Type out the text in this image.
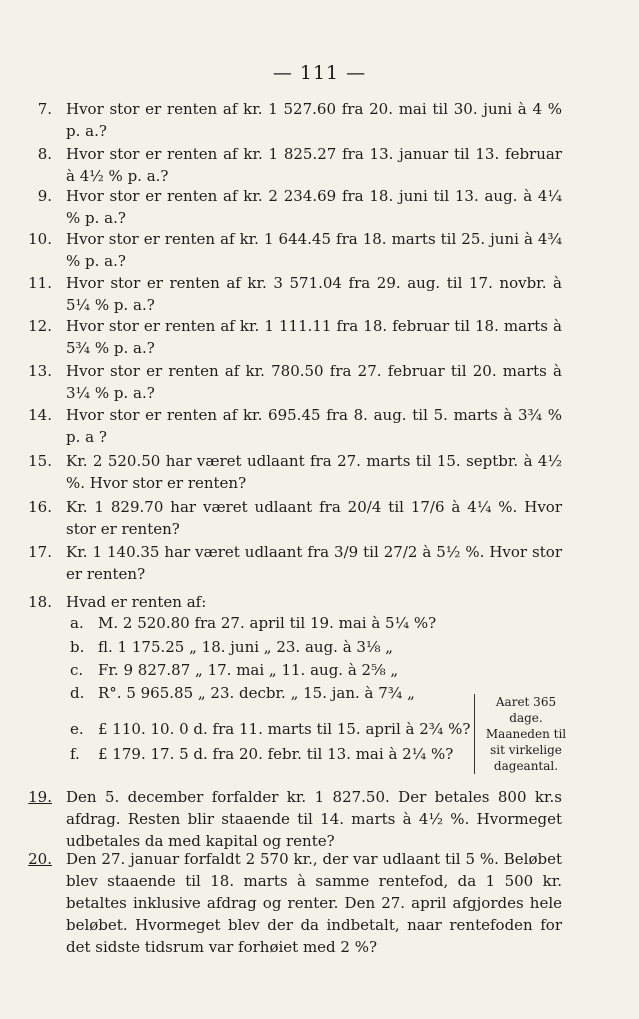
— 111 —
7. Hvor stor er renten af kr. 1 527.60 fra 20. mai til 30. juni à 4 % p. a.?
8. Hvor stor er renten af kr. 1 825.27 fra 13. januar til 13. februar à 4½ % p. a.?
9. Hvor stor er renten af kr. 2 234.69 fra 18. juni til 13. aug. à 4¼ % p. a.?
10. Hvor stor er renten af kr. 1 644.45 fra 18. marts til 25. juni à 4¾ % p. a.?
11. Hvor stor er renten af kr. 3 571.04 fra 29. aug. til 17. novbr. à 5¼ % p. a.?
12. Hvor stor er renten af kr. 1 111.11 fra 18. februar til 18. marts à 5¾ % p. a.?
13. Hvor stor er renten af kr. 780.50 fra 27. februar til 20. marts à 3¼ % p. a.?
14. Hvor stor er renten af kr. 695.45 fra 8. aug. til 5. marts à 3¾ % p. a ?
15. Kr. 2 520.50 har været udlaant fra 27. marts til 15. septbr. à 4½ %. Hvor stor er renten?
16. Kr. 1 829.70 har været udlaant fra 20/4 til 17/6 à 4¼ %. Hvor stor er renten?
17. Kr. 1 140.35 har været udlaant fra 3/9 til 27/2 à 5½ %. Hvor stor er renten?
18. Hvad er renten af:
a. M. 2 520.80 fra 27. april til 19. mai à 5¼ %?
b. fl. 1 175.25 „ 18. juni „ 23. aug. à 3⅛ „
c. Fr. 9 827.87 „ 17. mai „ 11. aug. à 2⅝ „
d. R°. 5 965.85 „ 23. decbr. „ 15. jan. à 7¾ „
e. £ 110. 10. 0 d. fra 11. marts til 15. april à 2¾ %?
f. £ 179. 17. 5 d. fra 20. febr. til 13. mai à 2¼ %?
Aaret 365 dage. Maaneden til sit virkelige dageantal.
19. Den 5. december forfalder kr. 1 827.50. Der betales 800 kr.s afdrag. Resten blir staaende til 14. marts à 4½ %. Hvormeget udbetales da med kapital og rente?
20. Den 27. januar forfaldt 2 570 kr., der var udlaant til 5 %. Beløbet blev staaende til 18. marts à samme rentefod, da 1 500 kr. betaltes inklusive afdrag og renter. Den 27. april afgjordes hele beløbet. Hvormeget blev der da indbetalt, naar rentefoden for det sidste tidsrum var forhøiet med 2 %?
